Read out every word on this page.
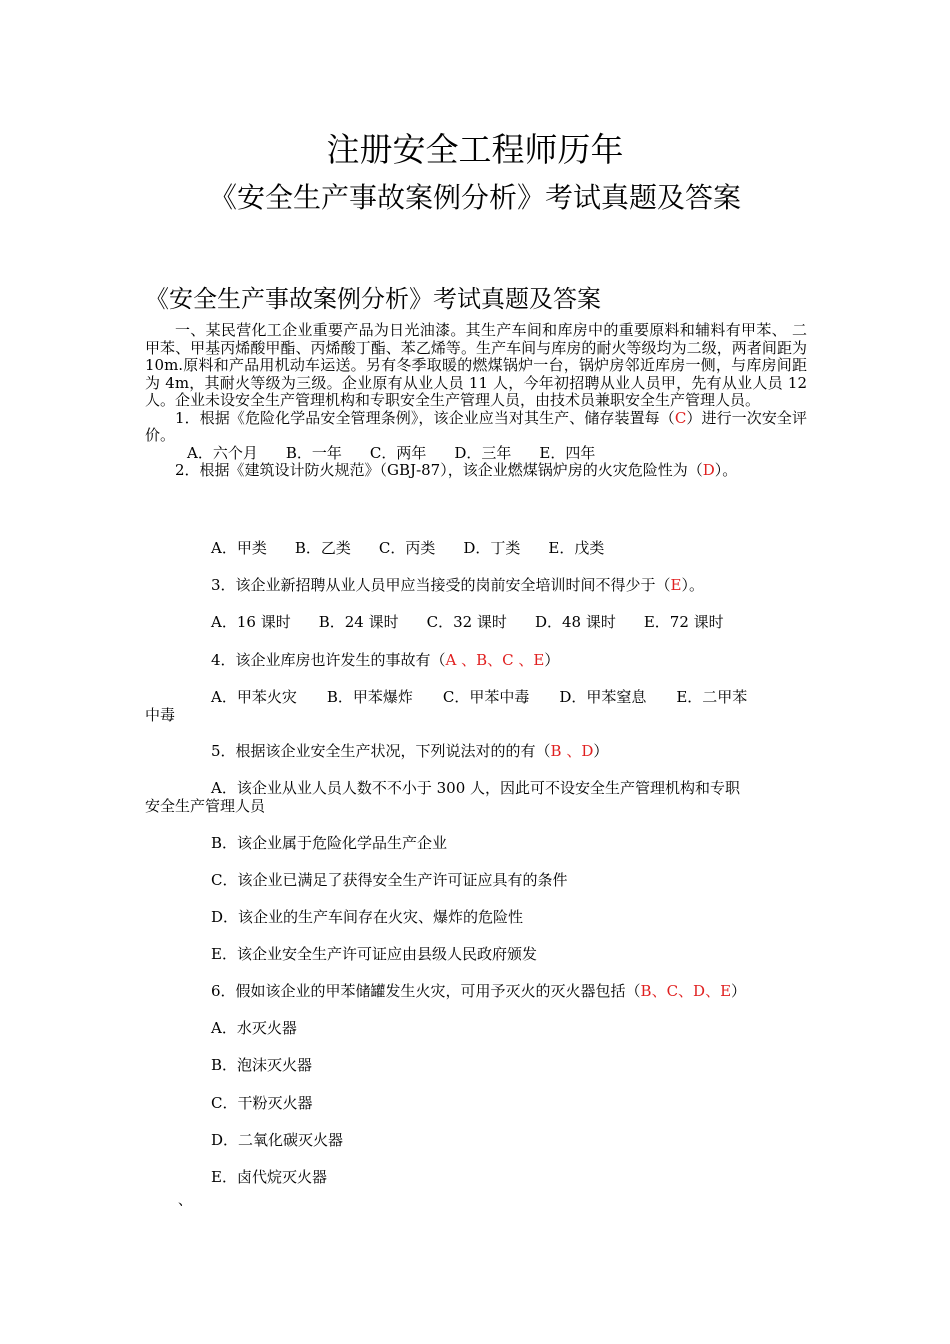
注册安全工程师历年
《安全生产事故案例分析》考试真题及答案
《安全生产事故案例分析》考试真题及答案
一、某民营化工企业重要产品为日光油漆。其生产车间和库房中的重要原料和辅料有甲苯、 二甲苯、甲基丙烯酸甲酯、丙烯酸丁酯、苯乙烯等。生产车间与库房的耐火等级均为二级，两者间距为 10m.原料和产品用机动车运送。另有冬季取暖的燃煤锅炉一台，锅炉房邻近库房一侧，与库房间距为 4m，其耐火等级为三级。企业原有从业人员 11 人，今年初招聘从业人员甲，先有从业人员 12 人。企业未设安全生产管理机构和专职安全生产管理人员，由技术员兼职安全生产管理人员。
1．根据《危险化学品安全管理条例》，该企业应当对其生产、储存装置每（C）进行一次安全评价。
A．六个月 B．一年 C．两年 D．三年 E．四年
2．根据《建筑设计防火规范》（GBJ-87），该企业燃煤锅炉房的火灾危险性为（D）。
A．甲类 B．乙类 C．丙类 D．丁类 E．戊类
3．该企业新招聘从业人员甲应当接受的岗前安全培训时间不得少于（E）。
A．16 课时 B．24 课时 C．32 课时 D．48 课时 E．72 课时
4．该企业库房也许发生的事故有（A 、B、C 、E）
A．甲苯火灾　　B．甲苯爆炸　　C．甲苯中毒　　D．甲苯窒息　　E．二甲苯
中毒
5．根据该企业安全生产状况，下列说法对的的有（B 、D）
A．该企业从业人员人数不不小于 300 人，因此可不设安全生产管理机构和专职
安全生产管理人员
B．该企业属于危险化学品生产企业
C．该企业已满足了获得安全生产许可证应具有的条件
D．该企业的生产车间存在火灾、爆炸的危险性
E．该企业安全生产许可证应由县级人民政府颁发
6．假如该企业的甲苯储罐发生火灾，可用予灭火的灭火器包括（B、C、D、E）
A．水灭火器
B．泡沫灭火器
C．干粉灭火器
D．二氧化碳灭火器
E．卤代烷灭火器
、
